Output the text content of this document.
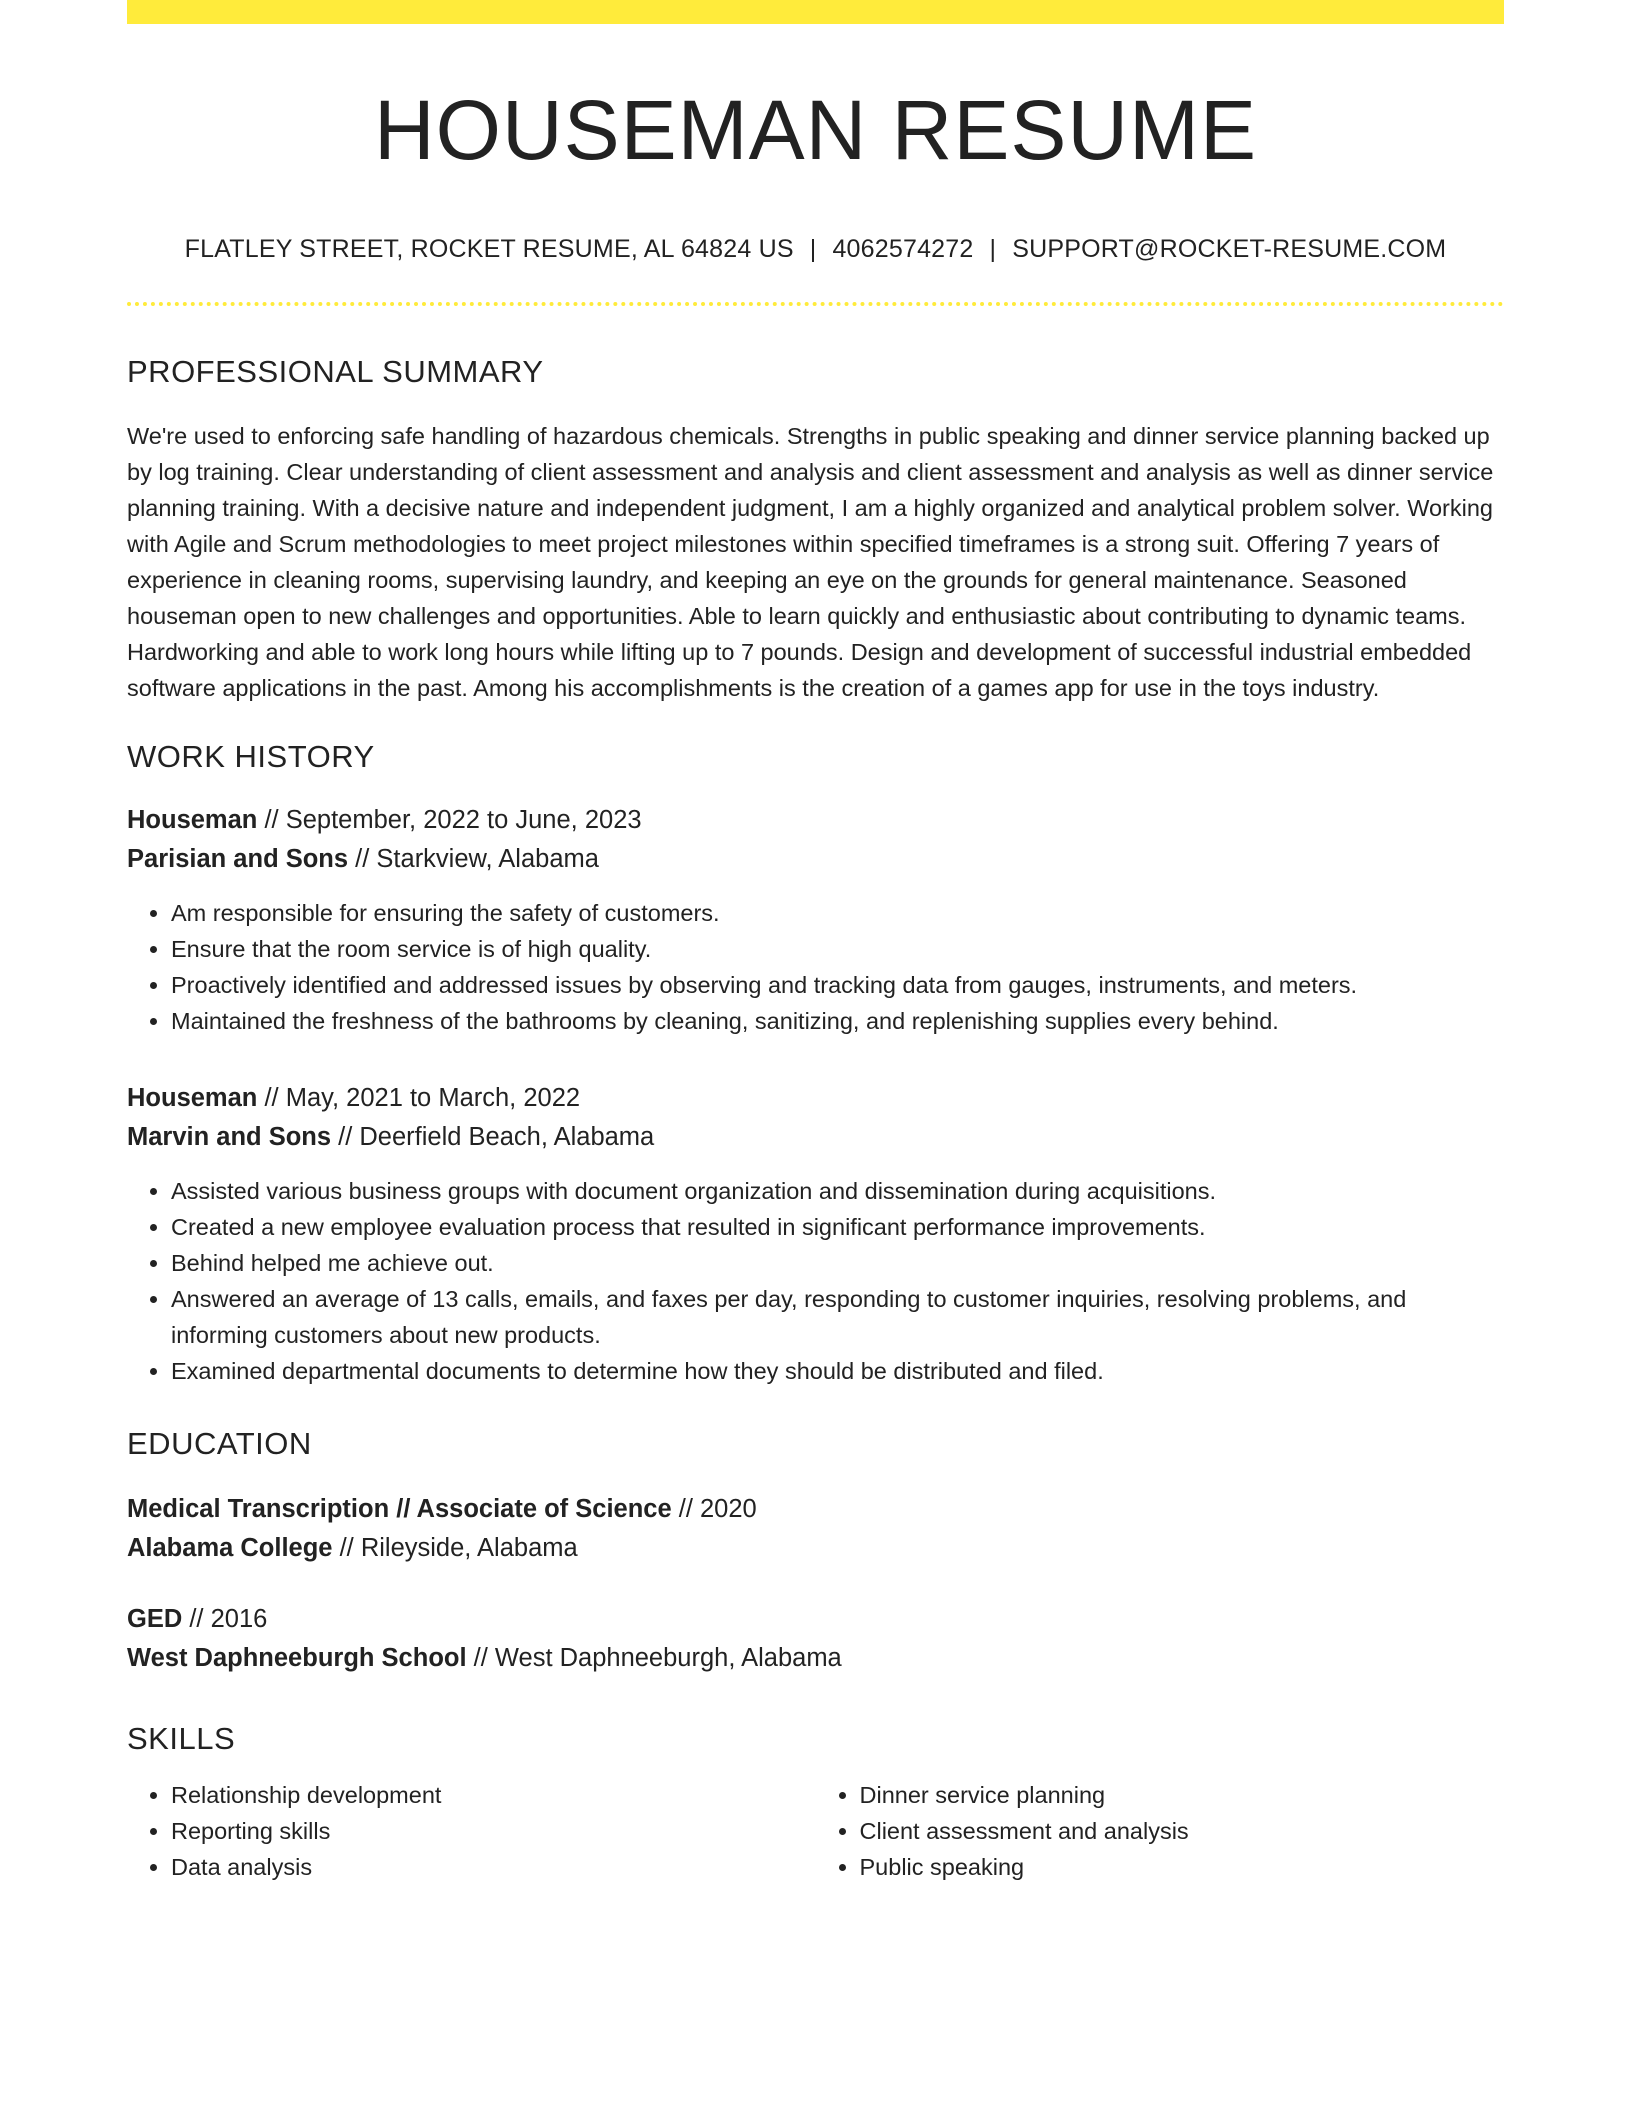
HOUSEMAN RESUME
FLATLEY STREET, ROCKET RESUME, AL 64824 US | 4062574272 | SUPPORT@ROCKET-RESUME.COM
PROFESSIONAL SUMMARY

We're used to enforcing safe handling of hazardous chemicals. Strengths in public speaking and dinner service planning backed up by log training. Clear understanding of client assessment and analysis and client assessment and analysis as well as dinner service planning training. With a decisive nature and independent judgment, I am a highly organized and analytical problem solver. Working with Agile and Scrum methodologies to meet project milestones within specified timeframes is a strong suit. Offering 7 years of experience in cleaning rooms, supervising laundry, and keeping an eye on the grounds for general maintenance. Seasoned houseman open to new challenges and opportunities. Able to learn quickly and enthusiastic about contributing to dynamic teams. Hardworking and able to work long hours while lifting up to 7 pounds. Design and development of successful industrial embedded software applications in the past. Among his accomplishments is the creation of a games app for use in the toys industry.

WORK HISTORY
Houseman // September, 2022 to June, 2023
Parisian and Sons // Starkview, Alabama
• Am responsible for ensuring the safety of customers.
• Ensure that the room service is of high quality.
• Proactively identified and addressed issues by observing and tracking data from gauges, instruments, and meters.
• Maintained the freshness of the bathrooms by cleaning, sanitizing, and replenishing supplies every behind.
Houseman // May, 2021 to March, 2022
Marvin and Sons // Deerfield Beach, Alabama
• Assisted various business groups with document organization and dissemination during acquisitions.
• Created a new employee evaluation process that resulted in significant performance improvements.
• Behind helped me achieve out.
• Answered an average of 13 calls, emails, and faxes per day, responding to customer inquiries, resolving problems, and informing customers about new products.
• Examined departmental documents to determine how they should be distributed and filed.
EDUCATION
Medical Transcription // Associate of Science // 2020
Alabama College // Rileyside, Alabama
GED // 2016
West Daphneeburgh School // West Daphneeburgh, Alabama
SKILLS
• Relationship development
• Reporting skills
• Data analysis
• Dinner service planning
• Client assessment and analysis
• Public speaking
